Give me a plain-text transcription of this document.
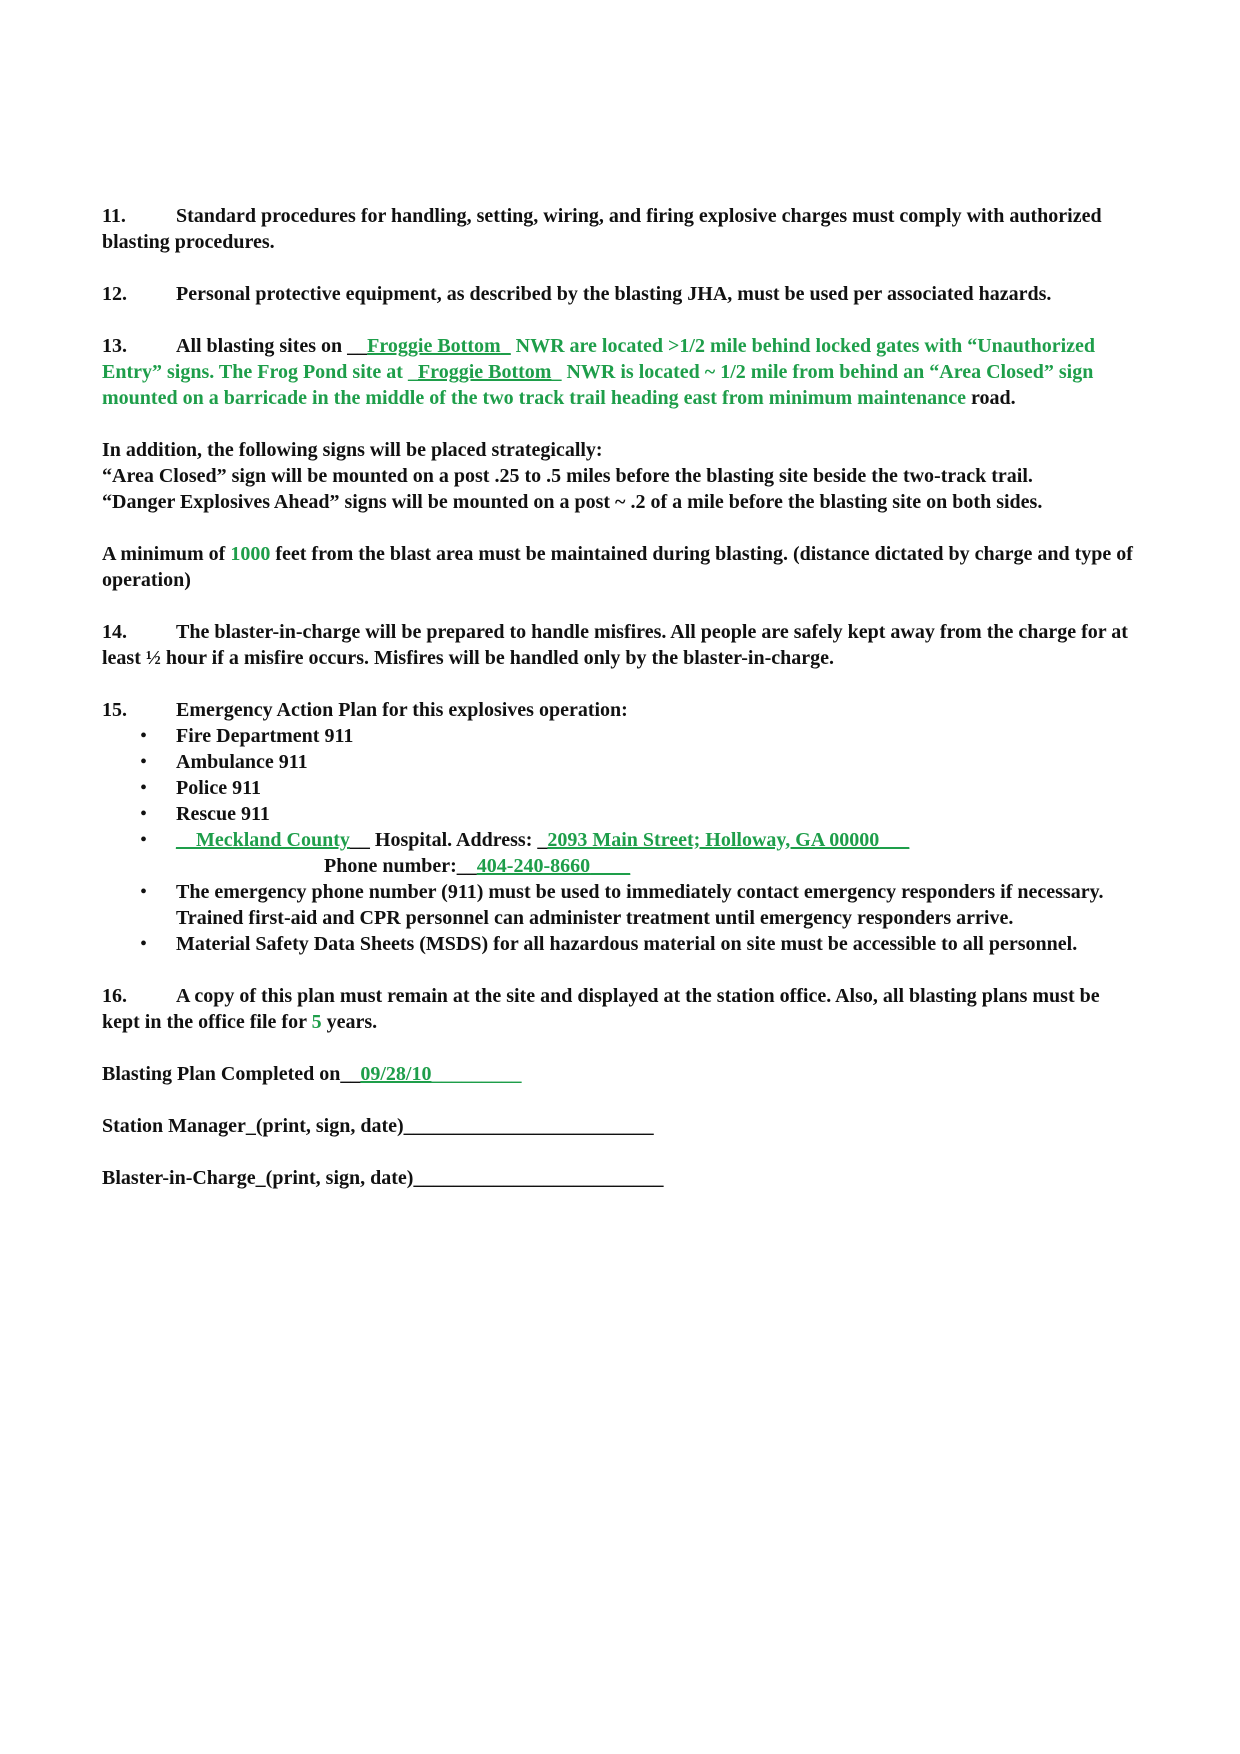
11.	Standard procedures for handling, setting, wiring, and firing explosive charges must comply with authorized blasting procedures.

12. Personal protective equipment, as described by the blasting JHA, must be used per associated hazards.

13. All blasting sites on __Froggie Bottom_ NWR are located >1/2 mile behind locked gates with “Unauthorized Entry” signs. The Frog Pond site at _Froggie Bottom_ NWR is located ~ 1/2 mile from behind an “Area Closed” sign mounted on a barricade in the middle of the two track trail heading east from minimum maintenance road.

In addition, the following signs will be placed strategically:

“Area Closed” sign will be mounted on a post .25 to .5 miles before the blasting site beside the two-track trail.

“Danger Explosives Ahead” signs will be mounted on a post ~ .2 of a mile before the blasting site on both sides.

A minimum of 1000 feet from the blast area must be maintained during blasting. (distance dictated by charge and type of operation)

14. The blaster-in-charge will be prepared to handle misfires. All people are safely kept away from the charge for at least ½ hour if a misfire occurs. Misfires will be handled only by the blaster-in-charge.

15. Emergency Action Plan for this explosives operation:

• Fire Department 911
• Ambulance 911
• Police 911
• Rescue 911
• __Meckland County__ Hospital. Address: _2093 Main Street; Holloway, GA 00000___
Phone number:__404-240-8660____
• The emergency phone number (911) must be used to immediately contact emergency responders if necessary. Trained first-aid and CPR personnel can administer treatment until emergency responders arrive.
• Material Safety Data Sheets (MSDS) for all hazardous material on site must be accessible to all personnel.

16. A copy of this plan must remain at the site and displayed at the station office. Also, all blasting plans must be kept in the office file for 5 years.

Blasting Plan Completed on__09/28/10_________

Station Manager_(print, sign, date)_________________________

Blaster-in-Charge_(print, sign, date)_________________________
